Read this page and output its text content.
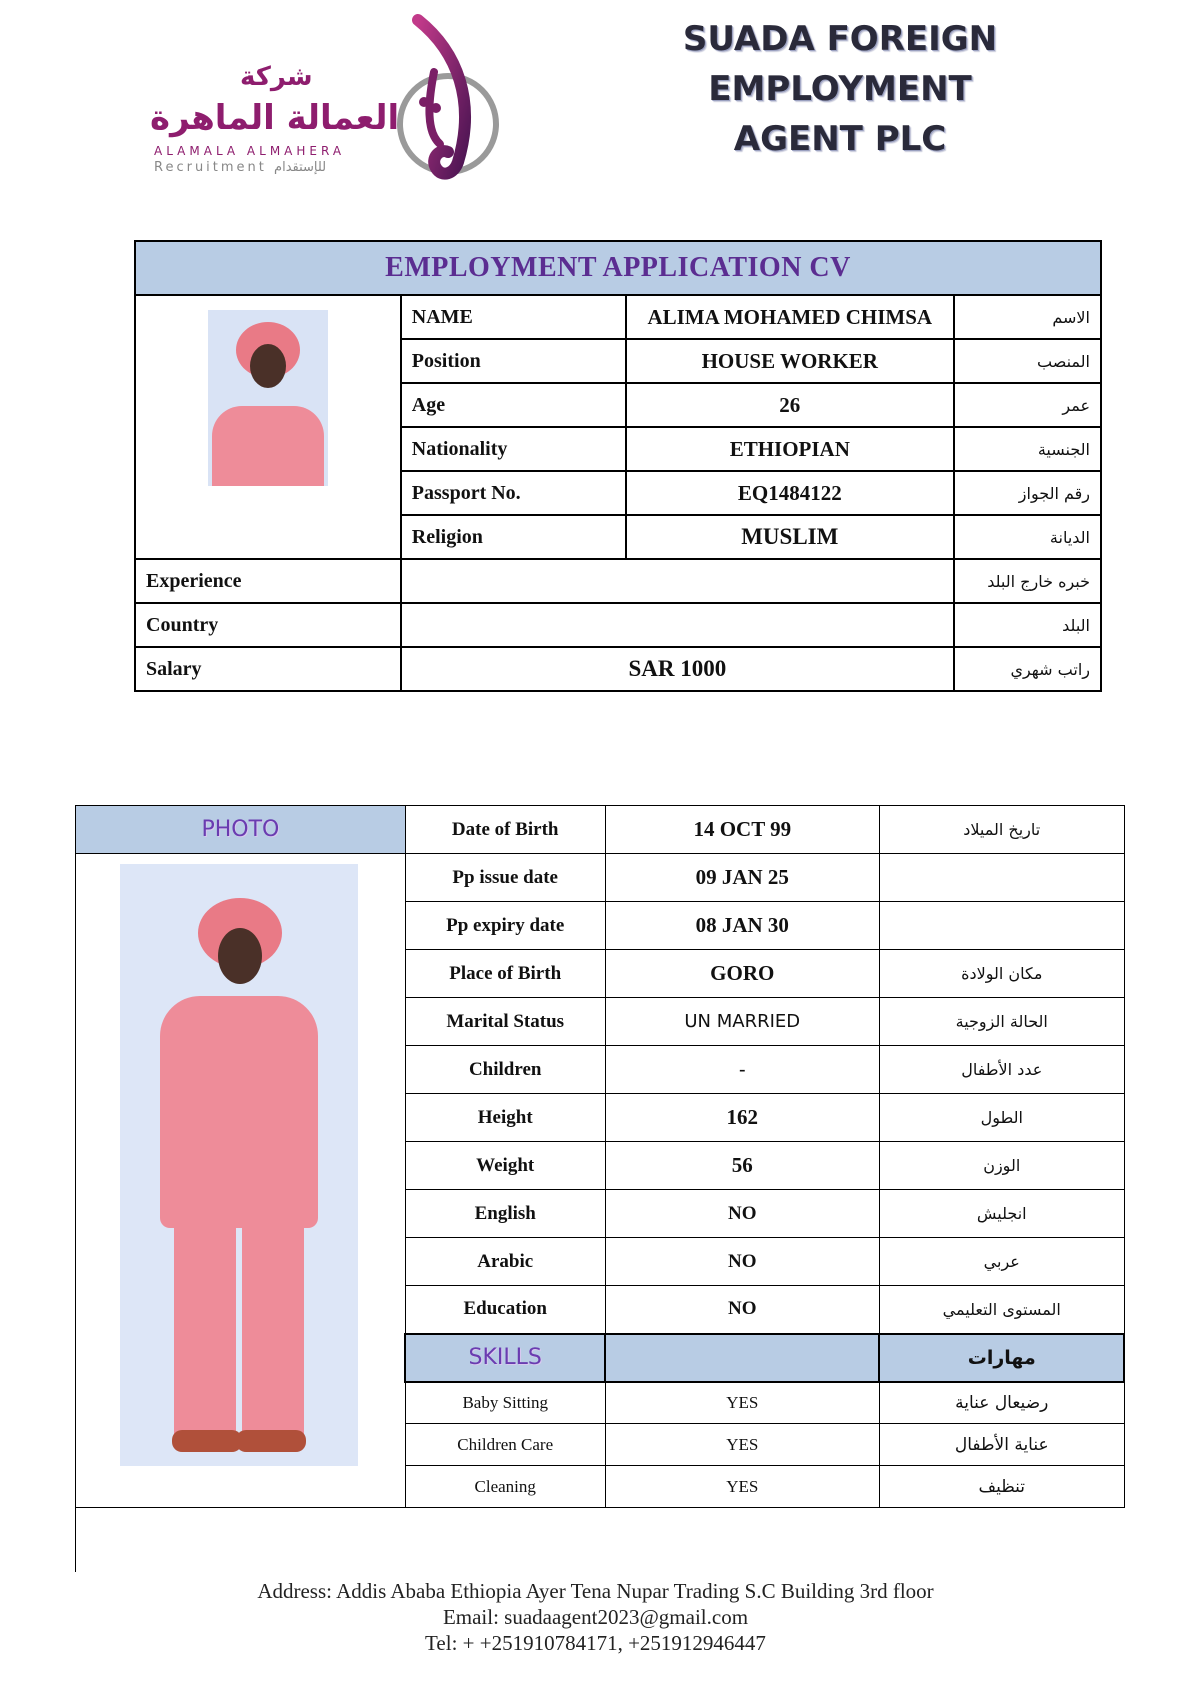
شركة
العمالة الماهرة
ALAMALA ALMAHERA
Recruitment للإستقدام
SUADA FOREIGN EMPLOYMENT
AGENT PLC
EMPLOYMENT APPLICATION CV			

	NAME	ALIMA MOHAMED CHIMSA	الاسم
	Position	HOUSE WORKER	المنصب
	Age	26	عمر
	Nationality	ETHIOPIAN	الجنسية
	Passport No.	EQ1484122	رقم الجواز
	Religion	MUSLIM	الديانة
Experience			خبره خارج البلد
Country			البلد
Salary	SAR 1000		راتب شهري
PHOTO	Date of Birth	14 OCT 99	تاريخ الميلاد

	Pp issue date	09 JAN 25	
	Pp expiry date	08 JAN 30	
	Place of Birth	GORO	مكان الولادة
	Marital Status	UN MARRIED	الحالة الزوجية
	Children	-	عدد الأطفال
	Height	162	الطول
	Weight	56	الوزن
	English	NO	انجليش
	Arabic	NO	عربي
	Education	NO	المستوى التعليمي
	SKILLS		مهارات
	Baby Sitting	YES	رضيعال عناية
	Children Care	YES	عناية الأطفال
	Cleaning	YES	تنظيف

Address: Addis Ababa Ethiopia Ayer Tena Nupar Trading S.C Building 3rd floor
Email: suadaagent2023@gmail.com
Tel: + +251910784171, +251912946447
